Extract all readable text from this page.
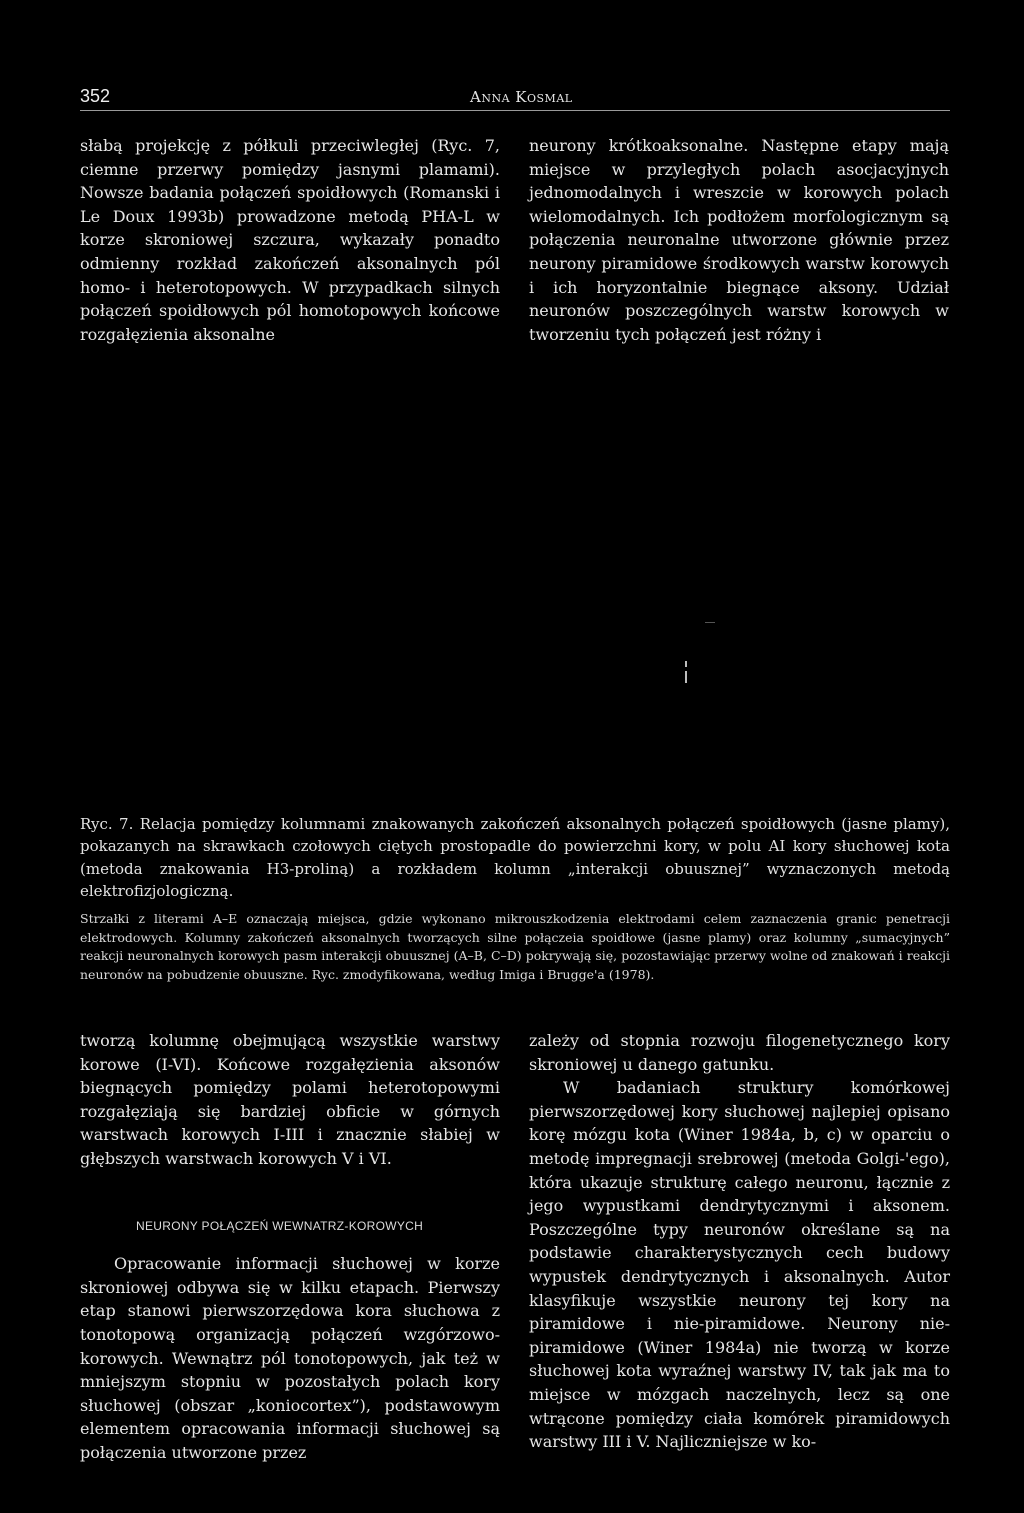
352	Anna Kosmal

słabą projekcję z półkuli przeciwległej (Ryc. 7, ciemne przerwy pomiędzy jasnymi plamami). Nowsze badania połączeń spoidłowych (Romanski i Le Doux 1993b) prowadzone metodą PHA-L w korze skroniowej szczura, wykazały ponadto odmienny rozkład zakończeń aksonalnych pól homo- i heterotopowych. W przypadkach silnych połączeń spoidłowych pól homotopowych końcowe rozgałęzienia aksonalne

neurony krótkoaksonalne. Następne etapy mają miejsce w przyległych polach asocjacyjnych jednomodalnych i wreszcie w korowych polach wielomodalnych. Ich podłożem morfologicznym są połączenia neuronalne utworzone głównie przez neurony piramidowe środkowych warstw korowych i ich horyzontalnie biegnące aksony. Udział neuronów poszczególnych warstw korowych w tworzeniu tych połączeń jest różny i

Ryc. 7. Relacja pomiędzy kolumnami znakowanych zakończeń aksonalnych połączeń spoidłowych (jasne plamy), pokazanych na skrawkach czołowych ciętych prostopadle do powierzchni kory, w polu AI kory słuchowej kota (metoda znakowania H3-proliną) a rozkładem kolumn „interakcji obuusznej” wyznaczonych metodą elektrofizjologiczną.

Strzałki z literami A–E oznaczają miejsca, gdzie wykonano mikrouszkodzenia elektrodami celem zaznaczenia granic penetracji elektrodowych. Kolumny zakończeń aksonalnych tworzących silne połączeia spoidłowe (jasne plamy) oraz kolumny „sumacyjnych” reakcji neuronalnych korowych pasm interakcji obuusznej (A–B, C–D) pokrywają się, pozostawiając przerwy wolne od znakowań i reakcji neuronów na pobudzenie obuuszne. Ryc. zmodyfikowana, według Imiga i Brugge'a (1978).

tworzą kolumnę obejmującą wszystkie warstwy korowe (I-VI). Końcowe rozgałęzienia aksonów biegnących pomiędzy polami heterotopowymi rozgałęziają się bardziej obficie w górnych warstwach korowych I-III i znacznie słabiej w głębszych warstwach korowych V i VI.

NEURONY POŁĄCZEŃ WEWNATRZ-KOROWYCH

Opracowanie informacji słuchowej w korze skroniowej odbywa się w kilku etapach. Pierwszy etap stanowi pierwszorzędowa kora słuchowa z tonotopową organizacją połączeń wzgórzowo-korowych. Wewnątrz pól tonotopowych, jak też w mniejszym stopniu w pozostałych polach kory słuchowej (obszar „koniocortex”), podstawowym elementem opracowania informacji słuchowej są połączenia utworzone przez

zależy od stopnia rozwoju filogenetycznego kory skroniowej u danego gatunku.

W badaniach struktury komórkowej pierwszorzędowej kory słuchowej najlepiej opisano korę mózgu kota (Winer 1984a, b, c) w oparciu o metodę impregnacji srebrowej (metoda Golgi-'ego), która ukazuje strukturę całego neuronu, łącznie z jego wypustkami dendrytycznymi i aksonem. Poszczególne typy neuronów określane są na podstawie charakterystycznych cech budowy wypustek dendrytycznych i aksonalnych. Autor klasyfikuje wszystkie neurony tej kory na piramidowe i nie-piramidowe. Neurony nie-piramidowe (Winer 1984a) nie tworzą w korze słuchowej kota wyraźnej warstwy IV, tak jak ma to miejsce w mózgach naczelnych, lecz są one wtrącone pomiędzy ciała komórek piramidowych warstwy III i V. Najliczniejsze w ko-
